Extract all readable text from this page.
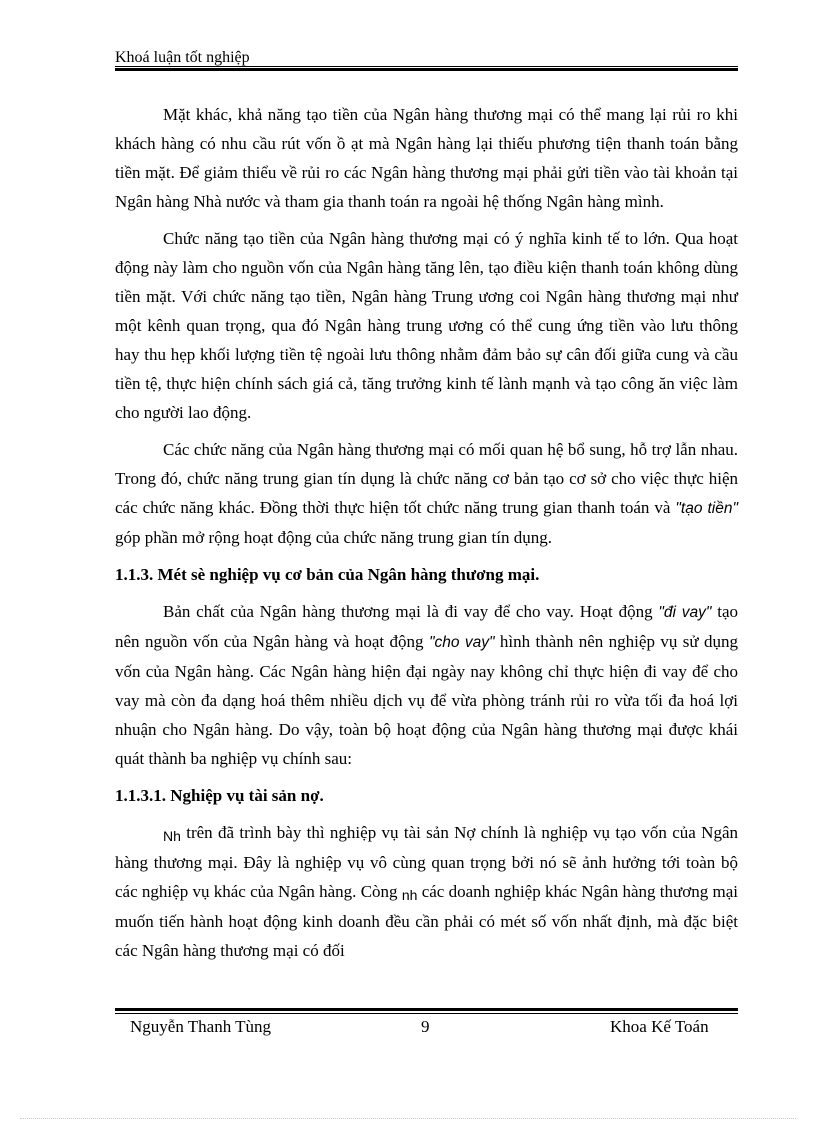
Khoá luận tốt nghiệp

Mặt khác, khả năng tạo tiền của Ngân hàng thương mại có thể mang lại rủi ro khi khách hàng có nhu cầu rút vốn ồ ạt mà Ngân hàng lại thiếu phương tiện thanh toán bằng tiền mặt. Để giảm thiểu về rủi ro các Ngân hàng thương mại phải gửi tiền vào tài khoản tại Ngân hàng Nhà nước và tham gia thanh toán ra ngoài hệ thống Ngân hàng mình.

Chức năng tạo tiền của Ngân hàng thương mại có ý nghĩa kinh tế to lớn. Qua hoạt động này làm cho nguồn vốn của Ngân hàng tăng lên, tạo điều kiện thanh toán không dùng tiền mặt. Với chức năng tạo tiền, Ngân hàng Trung ương coi Ngân hàng thương mại như một kênh quan trọng, qua đó Ngân hàng trung ương có thể cung ứng tiền vào lưu thông hay thu hẹp khối lượng tiền tệ ngoài lưu thông nhằm đảm bảo sự cân đối giữa cung và cầu tiền tệ, thực hiện chính sách giá cả, tăng trưởng kinh tế lành mạnh và tạo công ăn việc làm cho người lao động.

Các chức năng của Ngân hàng thương mại có mối quan hệ bổ sung, hỗ trợ lẫn nhau. Trong đó, chức năng trung gian tín dụng là chức năng cơ bản tạo cơ sở cho việc thực hiện các chức năng khác. Đồng thời thực hiện tốt chức năng trung gian thanh toán và "tạo tiền" góp phần mở rộng hoạt động của chức năng trung gian tín dụng.

1.1.3. Mét sè nghiệp vụ cơ bản của Ngân hàng thương mại.

Bản chất của Ngân hàng thương mại là đi vay để cho vay. Hoạt động "đi vay" tạo nên nguồn vốn của Ngân hàng và hoạt động "cho vay" hình thành nên nghiệp vụ sử dụng vốn của Ngân hàng. Các Ngân hàng hiện đại ngày nay không chỉ thực hiện đi vay để cho vay mà còn đa dạng hoá thêm nhiều dịch vụ để vừa phòng tránh rủi ro vừa tối đa hoá lợi nhuận cho Ngân hàng. Do vậy, toàn bộ hoạt động của Ngân hàng thương mại được khái quát thành ba nghiệp vụ chính sau:

1.1.3.1. Nghiệp vụ tài sản nợ.

Nh trên đã trình bày thì nghiệp vụ tài sản Nợ chính là nghiệp vụ tạo vốn của Ngân hàng thương mại. Đây là nghiệp vụ vô cùng quan trọng bởi nó sẽ ảnh hưởng tới toàn bộ các nghiệp vụ khác của Ngân hàng. Còng nh các doanh nghiệp khác Ngân hàng thương mại muốn tiến hành hoạt động kinh doanh đều cần phải có mét số vốn nhất định, mà đặc biệt các Ngân hàng thương mại có đối

Nguyễn Thanh Tùng	9	Khoa Kế Toán
